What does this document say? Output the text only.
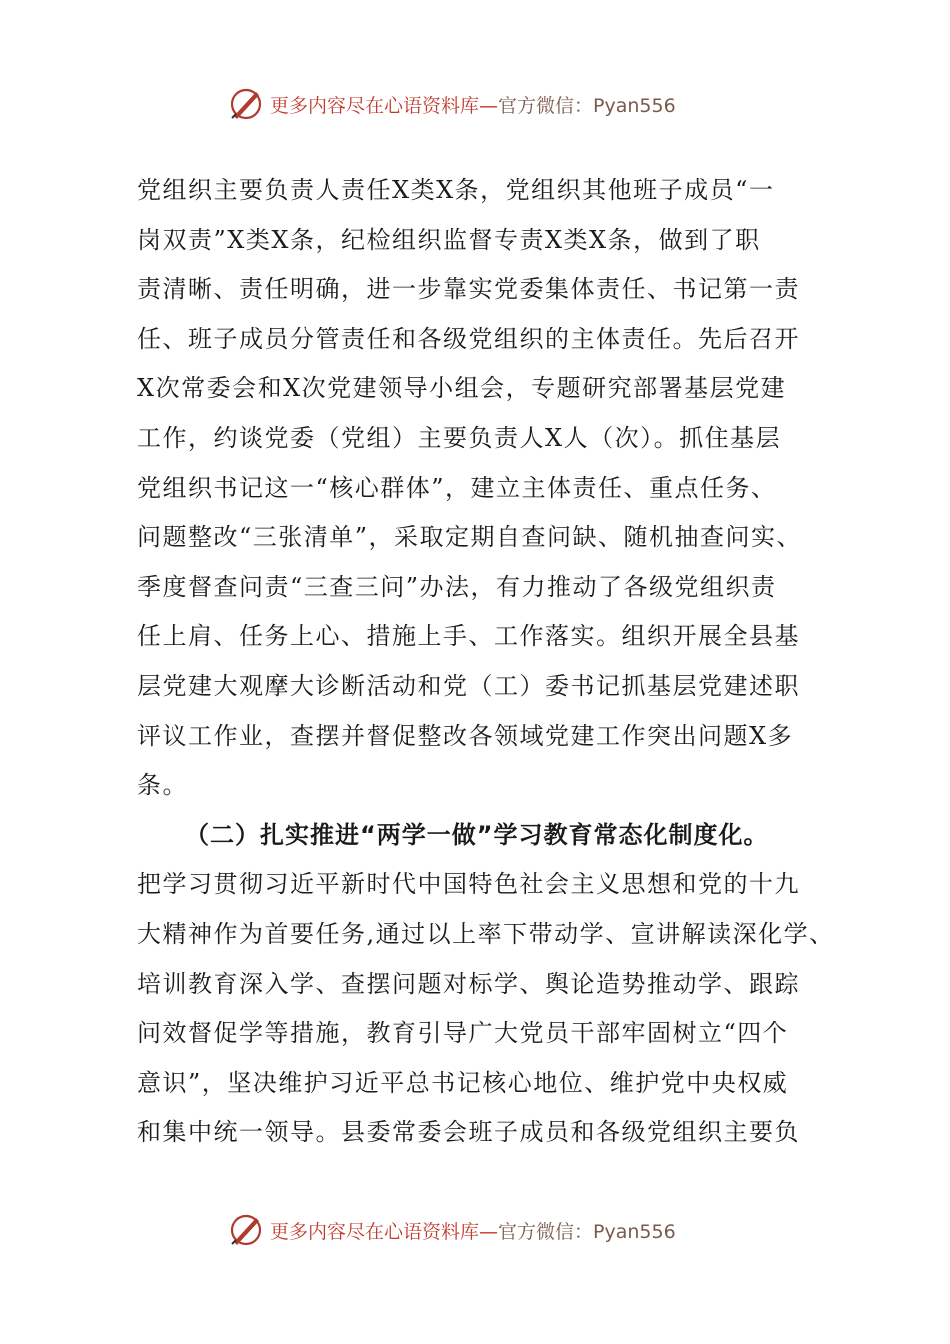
更多内容尽在心语资料库—官方微信：Pyan556
党组织主要负责人责任X类X条，党组织其他班子成员“一
岗双责”X类X条，纪检组织监督专责X类X条，做到了职
责清晰、责任明确，进一步靠实党委集体责任、书记第一责
任、班子成员分管责任和各级党组织的主体责任。先后召开
X次常委会和X次党建领导小组会，专题研究部署基层党建
工作，约谈党委（党组）主要负责人X人（次）。抓住基层
党组织书记这一“核心群体”，建立主体责任、重点任务、
问题整改“三张清单”，采取定期自查问缺、随机抽查问实、
季度督查问责“三查三问”办法，有力推动了各级党组织责
任上肩、任务上心、措施上手、工作落实。组织开展全县基
层党建大观摩大诊断活动和党（工）委书记抓基层党建述职
评议工作业，查摆并督促整改各领域党建工作突出问题X多
条。
（二）扎实推进“两学一做”学习教育常态化制度化。
把学习贯彻习近平新时代中国特色社会主义思想和党的十九
大精神作为首要任务,通过以上率下带动学、宣讲解读深化学、
培训教育深入学、查摆问题对标学、舆论造势推动学、跟踪
问效督促学等措施，教育引导广大党员干部牢固树立“四个
意识”，坚决维护习近平总书记核心地位、维护党中央权威
和集中统一领导。县委常委会班子成员和各级党组织主要负
更多内容尽在心语资料库—官方微信：Pyan556
